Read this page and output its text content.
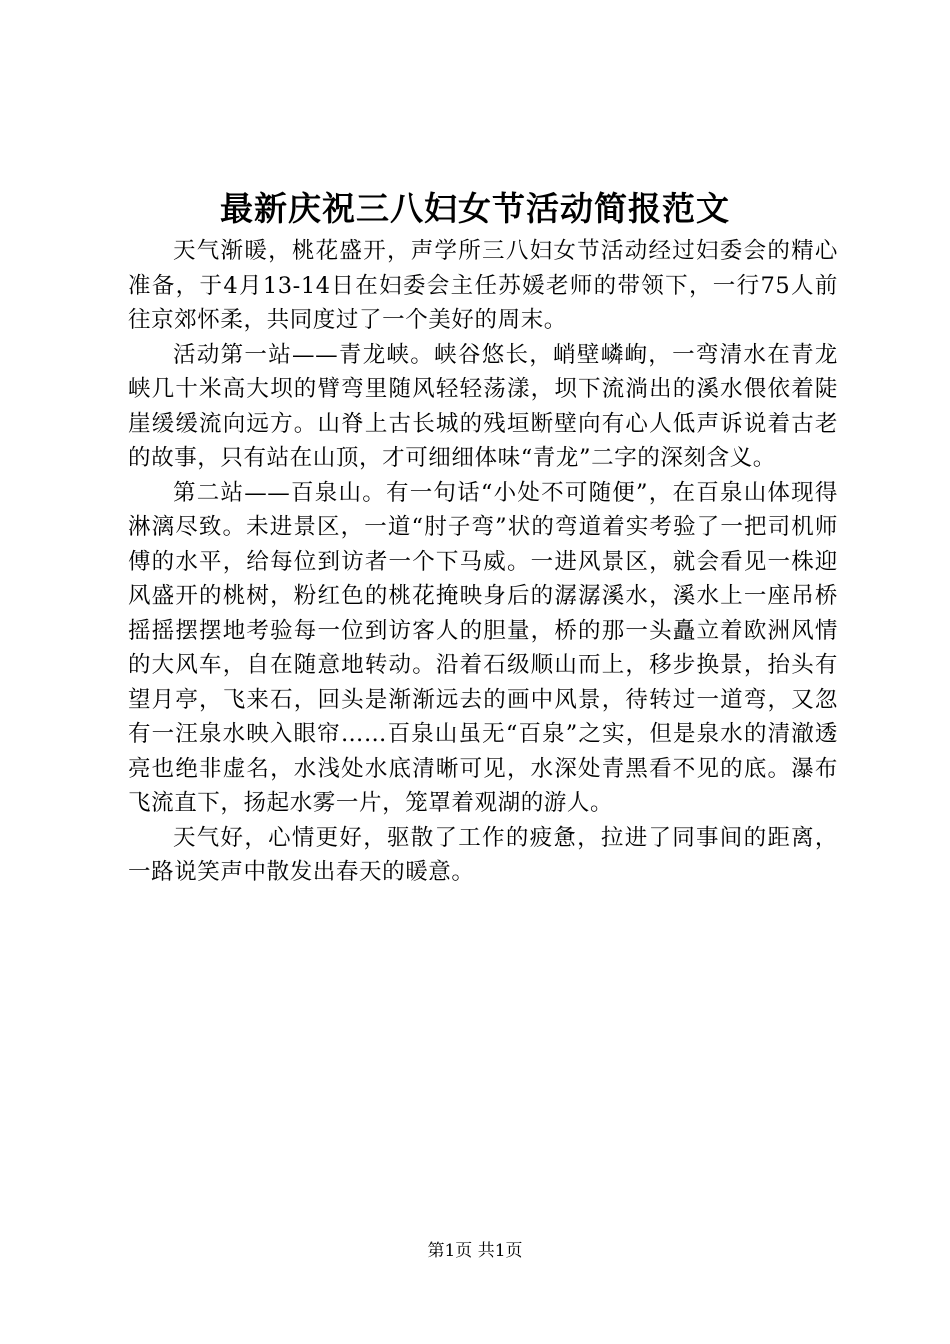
最新庆祝三八妇女节活动简报范文

天气渐暖，桃花盛开，声学所三八妇女节活动经过妇委会的精心准备，于4月13-14日在妇委会主任苏媛老师的带领下，一行75人前往京郊怀柔，共同度过了一个美好的周末。

活动第一站——青龙峡。峡谷悠长，峭壁嶙峋，一弯清水在青龙峡几十米高大坝的臂弯里随风轻轻荡漾，坝下流淌出的溪水偎依着陡崖缓缓流向远方。山脊上古长城的残垣断壁向有心人低声诉说着古老的故事，只有站在山顶，才可细细体味“青龙”二字的深刻含义。

第二站——百泉山。有一句话“小处不可随便”，在百泉山体现得淋漓尽致。未进景区，一道“肘子弯”状的弯道着实考验了一把司机师傅的水平，给每位到访者一个下马威。一进风景区，就会看见一株迎风盛开的桃树，粉红色的桃花掩映身后的潺潺溪水，溪水上一座吊桥摇摇摆摆地考验每一位到访客人的胆量，桥的那一头矗立着欧洲风情的大风车，自在随意地转动。沿着石级顺山而上，移步换景，抬头有望月亭，飞来石，回头是渐渐远去的画中风景，待转过一道弯，又忽有一汪泉水映入眼帘……百泉山虽无“百泉”之实，但是泉水的清澈透亮也绝非虚名，水浅处水底清晰可见，水深处青黑看不见的底。瀑布飞流直下，扬起水雾一片，笼罩着观湖的游人。

天气好，心情更好，驱散了工作的疲惫，拉进了同事间的距离，一路说笑声中散发出春天的暖意。

第1页 共1页
